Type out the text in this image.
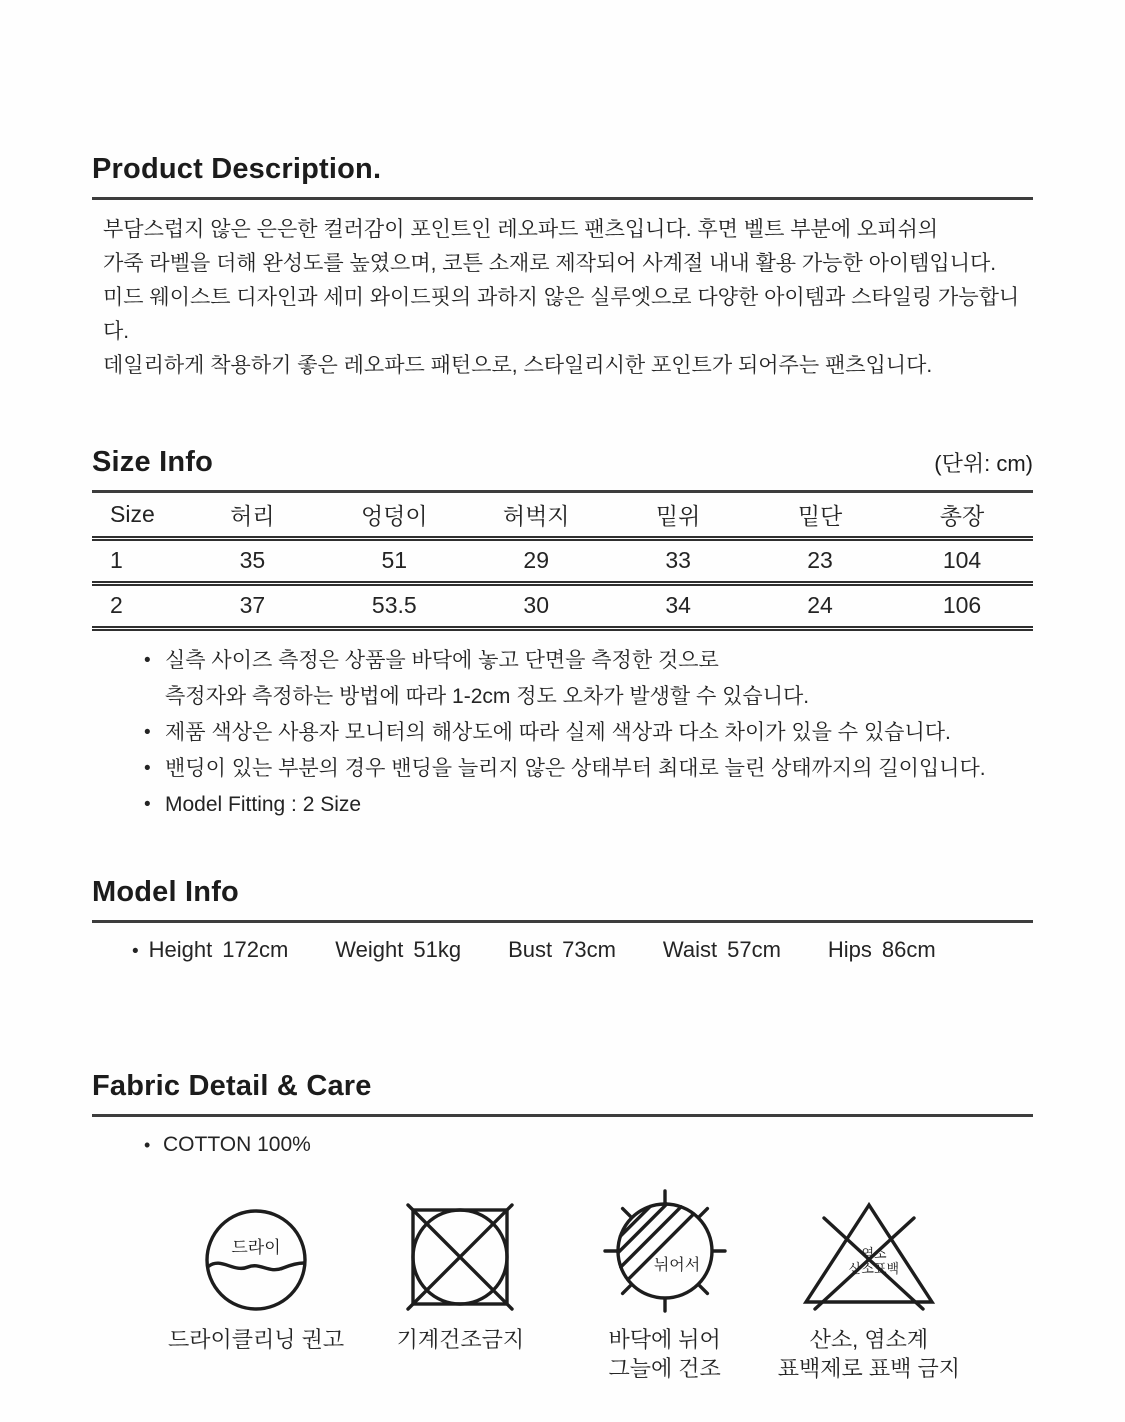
Product Description.
부담스럽지 않은 은은한 컬러감이 포인트인 레오파드 팬츠입니다. 후면 벨트 부분에 오피쉬의
가죽 라벨을 더해 완성도를 높였으며, 코튼 소재로 제작되어 사계절 내내 활용 가능한 아이템입니다.
미드 웨이스트 디자인과 세미 와이드핏의 과하지 않은 실루엣으로 다양한 아이템과 스타일링 가능합니다.
데일리하게 착용하기 좋은 레오파드 패턴으로, 스타일리시한 포인트가 되어주는 팬츠입니다.
Size Info	(단위: cm)
Size	허리	엉덩이	허벅지	밑위	밑단	총장
1	35	51	29	33	23	104
2	37	53.5	30	34	24	106
• 실측 사이즈 측정은 상품을 바닥에 놓고 단면을 측정한 것으로
측정자와 측정하는 방법에 따라 1-2cm 정도 오차가 발생할 수 있습니다.
• 제품 색상은 사용자 모니터의 해상도에 따라 실제 색상과 다소 차이가 있을 수 있습니다.
• 밴딩이 있는 부분의 경우 밴딩을 늘리지 않은 상태부터 최대로 늘린 상태까지의 길이입니다.
• Model Fitting : 2 Size
Model Info
• Height 172cm Weight 51kg Bust 73cm Waist 57cm Hips 86cm
Fabric Detail & Care
• COTTON 100%
드라이
드라이클리닝 권고 기계건조금지
뉘어서
바닥에 뉘어
그늘에 건조
염소
산소표백
산소, 염소계
표백제로 표백 금지
